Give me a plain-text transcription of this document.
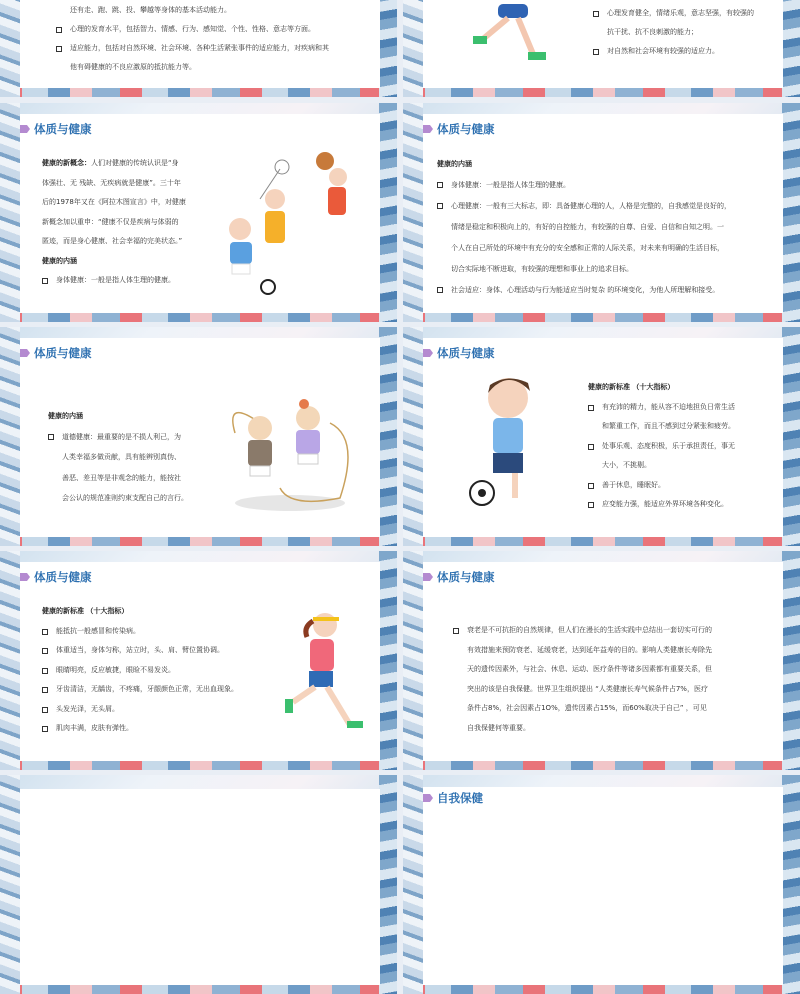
还有走、跑、跳、投、攀越等身体的基本活动能力。
心理的发育水平，包括智力、情感、行为、感知觉、个性、性格、意志等方面。
适应能力，包括对自然环境、社会环境、各种生活紧张事件的适应能力，对疾病和其
他有碍健康的不良应激原的抵抗能力等。
心理发育健全，情绪乐观，意志坚强，有较强的
抗干扰、抗不良刺激的能力；
对自然和社会环境有较强的适应力。
体质与健康
健康的新概念：人们对健康的传统认识是“身
体强壮、无 残缺、无疾病就是健康”。三十年
后的1978年又在《阿拉木图宣言》中，对健康
新概念加以重申：“健康不仅是疾病与体弱的
匿迹，而是身心健康、社会幸福的完美状态。”
健康的内涵
身体健康：一般是指人体生理的健康。
体质与健康
健康的内涵
身体健康：一般是指人体生理的健康。
心理健康：一般有三大标志，即：具备健康心理的人，人格是完整的，自我感觉是良好的，
情绪是稳定和积极向上的，有好的自控能力，有较强的自尊、自爱、自信和自知之明。一
个人在自己所处的环境中有充分的安全感和正常的人际关系，对未来有明确的生活目标，
切合实际地不断进取，有较强的理想和事业上的追求目标。
社会适应：身体、心理活动与行为能适应当时复杂 的环境变化，为他人所理解和接受。
体质与健康
健康的内涵
道德健康：最重要的是不损人利己，为
人类幸福多做贡献，具有能辨别真伪、
善恶、差丑等是非观念的能力，能按社
会公认的规范准则约束支配自己的言行。
体质与健康
健康的新标准 （十大指标）
有充沛的精力，能从容不迫地担负日常生活
和繁重工作，而且不感到过分紧张和疲劳。
处事乐观、态度积极，乐于承担责任，事无
大小，不挑剔。
善于休息，睡眠好。
应变能力强，能适应外界环境各种变化。
体质与健康
健康的新标准 （十大指标）
能抵抗一般感冒和传染病。
体重适当，身体匀称，站立时，头、肩、臂位置协调。
眼睛明亮，反应敏捷，眼睑不易发炎。
牙齿清洁，无龋齿，不疼痛，牙龈颜色正常，无出血现象。
头发光泽，无头屑。
肌肉丰满，皮肤有弹性。
体质与健康
衰老是不可抗拒的自然规律，但人们在漫长的生活实践中总结出一套切实可行的
有效措施来预防衰老、延缓衰老，达到延年益寿的目的。影响人类健康长寿除先
天的遗传因素外，与社会、休息、运动、医疗条件等诸多因素都有重要关系，但
突出的该是自我保健。世界卫生组织提出 “人类健康长寿气候条件占7%，医疗
条件占8%，社会因素占1O%，遗传因素占15%，而60%取决于自己” ，可见
自我保健何等重要。
自我保健
